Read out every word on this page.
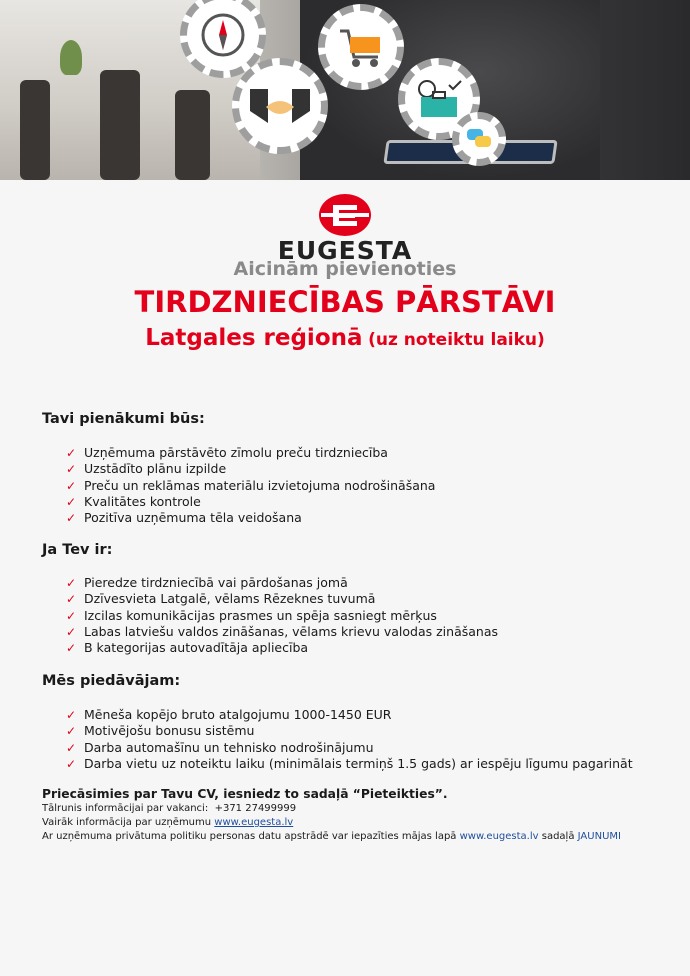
EUGESTA
Aicinām pievienoties
TIRDZNIECĪBAS PĀRSTĀVI
Latgales reģionā (uz noteiktu laiku)
Tavi pienākumi būs:
✓ Uzņēmuma pārstāvēto zīmolu preču tirdzniecība
✓ Uzstādīto plānu izpilde
✓ Preču un reklāmas materiālu izvietojuma nodrošināšana
✓ Kvalitātes kontrole
✓ Pozitīva uzņēmuma tēla veidošana
Ja Tev ir:
✓ Pieredze tirdzniecībā vai pārdošanas jomā
✓ Dzīvesvieta Latgalē, vēlams Rēzeknes tuvumā
✓ Izcilas komunikācijas prasmes un spēja sasniegt mērķus
✓ Labas latviešu valdos zināšanas, vēlams krievu valodas zināšanas
✓ B kategorijas autovadītāja apliecība
Mēs piedāvājam:
✓ Mēneša kopējo bruto atalgojumu 1000-1450 EUR
✓ Motivējošu bonusu sistēmu
✓ Darba automašīnu un tehnisko nodrošinājumu
✓ Darba vietu uz noteiktu laiku (minimālais termiņš 1.5 gads) ar iespēju līgumu pagarināt
Priecāsimies par Tavu CV, iesniedz to sadaļā “Pieteikties”.
Tālrunis informācijai par vakanci: +371 27499999
Vairāk informācija par uzņēmumu www.eugesta.lv
Ar uzņēmuma privātuma politiku personas datu apstrādē var iepazīties mājas lapā www.eugesta.lv sadaļā JAUNUMI
